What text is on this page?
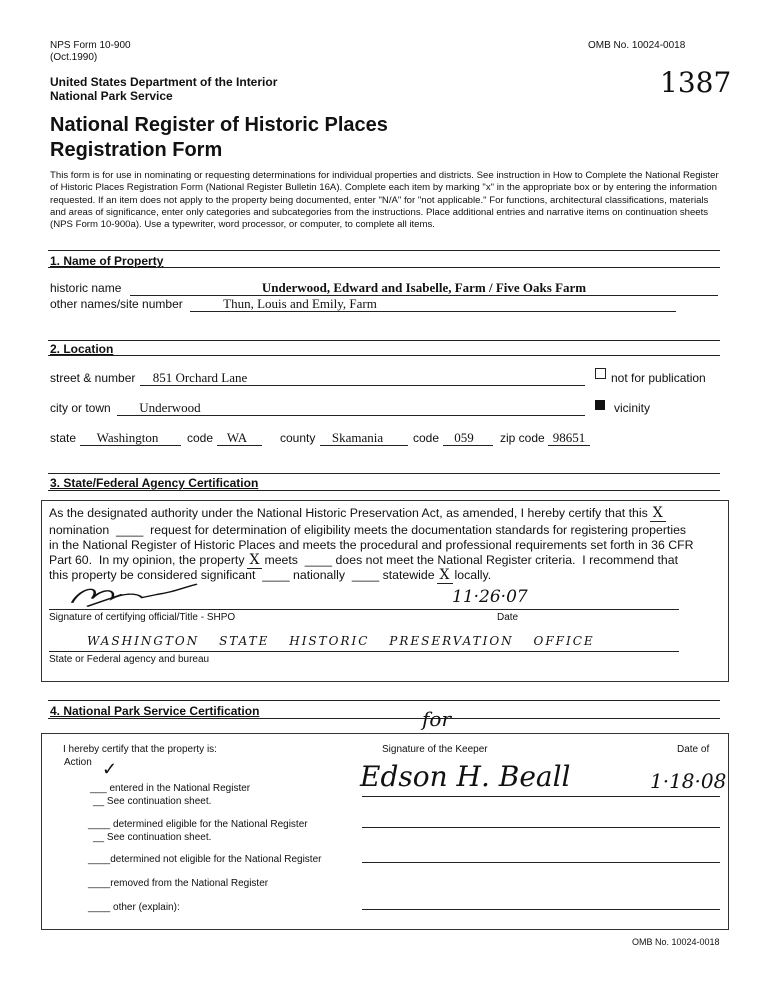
NPS Form 10-900
(Oct.1990)
OMB No. 10024-0018
1387
United States Department of the Interior
National Park Service
National Register of Historic Places
Registration Form
This form is for use in nominating or requesting determinations for individual properties and districts. See instruction in How to Complete the National Register of Historic Places Registration Form (National Register Bulletin 16A). Complete each item by marking "x" in the appropriate box or by entering the information requested. If an item does not apply to the property being documented, enter "N/A" for "not applicable." For functions, architectural classifications, materials and areas of significance, enter only categories and subcategories from the instructions. Place additional entries and narrative items on continuation sheets (NPS Form 10-900a). Use a typewriter, word processor, or computer, to complete all items.
1. Name of Property
historic name	Underwood, Edward and Isabelle, Farm / Five Oaks Farm
other names/site number	Thun, Louis and Emily, Farm
2. Location
street & number	851 Orchard Lane	not for publication
city or town	Underwood	vicinity
state	Washington	code	WA	county	Skamania	code	059	zip code 98651
3. State/Federal Agency Certification
As the designated authority under the National Historic Preservation Act, as amended, I hereby certify that this X
nomination  ____  request for determination of eligibility meets the documentation standards for registering properties
in the National Register of Historic Places and meets the procedural and professional requirements set forth in 36 CFR
Part 60.  In my opinion, the property X meets  ____ does not meet the National Register criteria.  I recommend that
this property be considered significant  ____ nationally  ____ statewide X locally.
11·26·07
Signature of certifying official/Title - SHPO	Date
WASHINGTON STATE HISTORIC PRESERVATION OFFICE
State or Federal agency and bureau
4. National Park Service Certification
I hereby certify that the property is:
Action ✓
___ entered in the National Register
__ See continuation sheet.
____ determined eligible for the National Register
__ See continuation sheet.
____determined not eligible for the National Register
____removed from the National Register
____ other (explain):
for
Signature of the Keeper	Date of
Edson H. Beall	1·18·08
OMB No. 10024-0018
